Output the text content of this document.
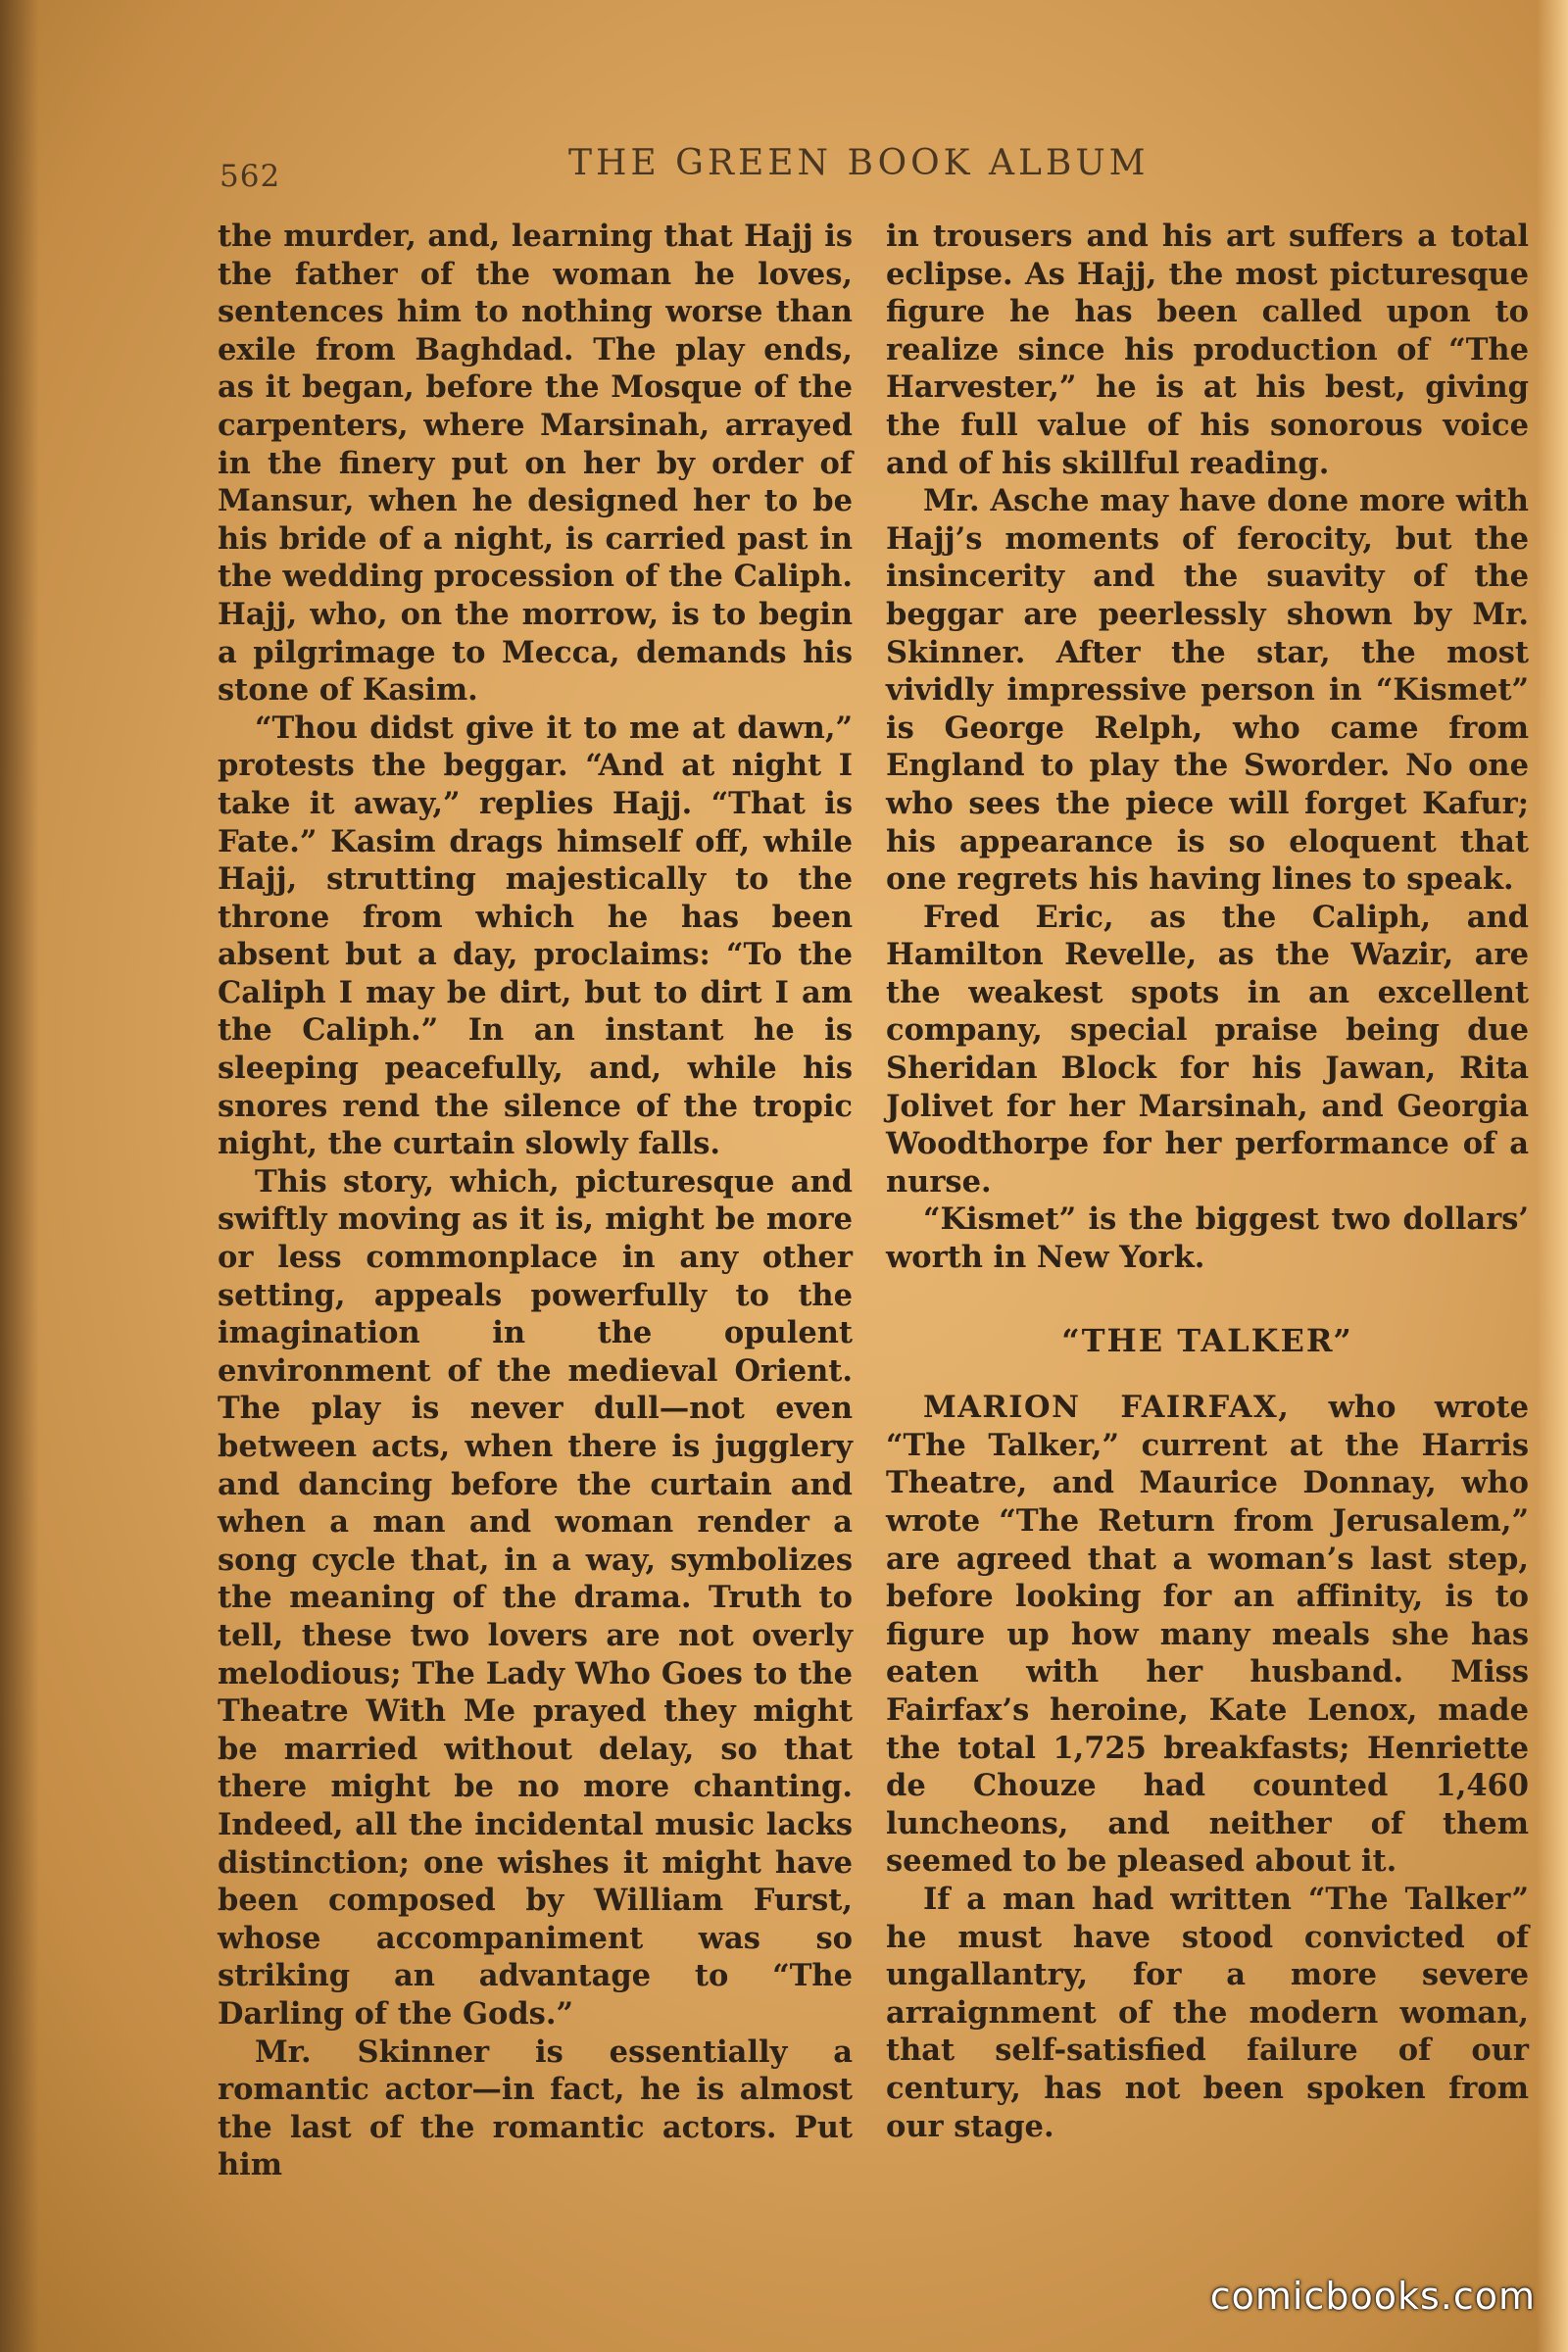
562	THE GREEN BOOK ALBUM

the murder, and, learning that Hajj is the father of the woman he loves, sentences him to nothing worse than exile from Baghdad. The play ends, as it began, before the Mosque of the carpenters, where Marsinah, arrayed in the finery put on her by order of Mansur, when he designed her to be his bride of a night, is carried past in the wedding procession of the Caliph. Hajj, who, on the morrow, is to begin a pilgrimage to Mecca, demands his stone of Kasim.

“Thou didst give it to me at dawn,” protests the beggar. “And at night I take it away,” replies Hajj. “That is Fate.” Kasim drags himself off, while Hajj, strutting majestically to the throne from which he has been absent but a day, proclaims: “To the Caliph I may be dirt, but to dirt I am the Caliph.” In an instant he is sleeping peacefully, and, while his snores rend the silence of the tropic night, the curtain slowly falls.

This story, which, picturesque and swiftly moving as it is, might be more or less commonplace in any other setting, appeals powerfully to the imagination in the opulent environment of the medieval Orient. The play is never dull—not even between acts, when there is jugglery and dancing before the curtain and when a man and woman render a song cycle that, in a way, symbolizes the meaning of the drama. Truth to tell, these two lovers are not overly melodious; The Lady Who Goes to the Theatre With Me prayed they might be married without delay, so that there might be no more chanting. Indeed, all the incidental music lacks distinction; one wishes it might have been composed by William Furst, whose accompaniment was so striking an advantage to “The Darling of the Gods.”

Mr. Skinner is essentially a romantic actor—in fact, he is almost the last of the romantic actors. Put him

in trousers and his art suffers a total eclipse. As Hajj, the most picturesque figure he has been called upon to realize since his production of “The Harvester,” he is at his best, giving the full value of his sonorous voice and of his skillful reading.

Mr. Asche may have done more with Hajj’s moments of ferocity, but the insincerity and the suavity of the beggar are peerlessly shown by Mr. Skinner. After the star, the most vividly impressive person in “Kismet” is George Relph, who came from England to play the Sworder. No one who sees the piece will forget Kafur; his appearance is so eloquent that one regrets his having lines to speak.

Fred Eric, as the Caliph, and Hamilton Revelle, as the Wazir, are the weakest spots in an excellent company, special praise being due Sheridan Block for his Jawan, Rita Jolivet for her Marsinah, and Georgia Woodthorpe for her performance of a nurse.

“Kismet” is the biggest two dollars’ worth in New York.

“THE TALKER”

MARION FAIRFAX, who wrote “The Talker,” current at the Harris Theatre, and Maurice Donnay, who wrote “The Return from Jerusalem,” are agreed that a woman’s last step, before looking for an affinity, is to figure up how many meals she has eaten with her husband. Miss Fairfax’s heroine, Kate Lenox, made the total 1,725 breakfasts; Henriette de Chouze had counted 1,460 luncheons, and neither of them seemed to be pleased about it.

If a man had written “The Talker” he must have stood convicted of ungallantry, for a more severe arraignment of the modern woman, that self-satisfied failure of our century, has not been spoken from our stage.

comicbooks.com
